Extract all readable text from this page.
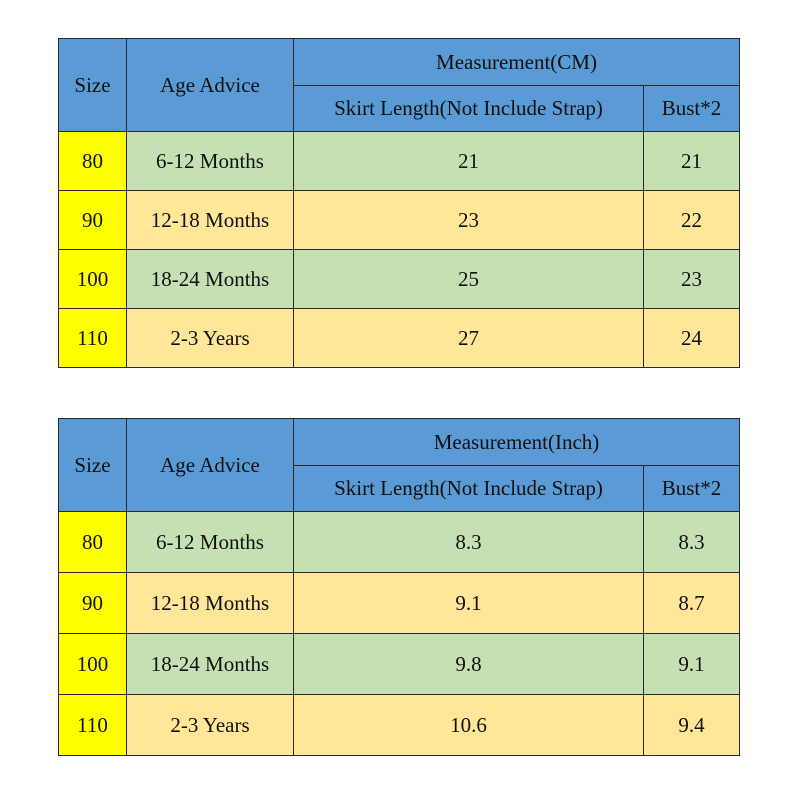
Size	Age Advice	Measurement(CM)	
		Skirt Length(Not Include Strap)	Bust*2
80	6-12 Months	21	21
90	12-18 Months	23	22
100	18-24 Months	25	23
110	2-3 Years	27	24
Size	Age Advice	Measurement(Inch)	
		Skirt Length(Not Include Strap)	Bust*2
80	6-12 Months	8.3	8.3
90	12-18 Months	9.1	8.7
100	18-24 Months	9.8	9.1
110	2-3 Years	10.6	9.4
